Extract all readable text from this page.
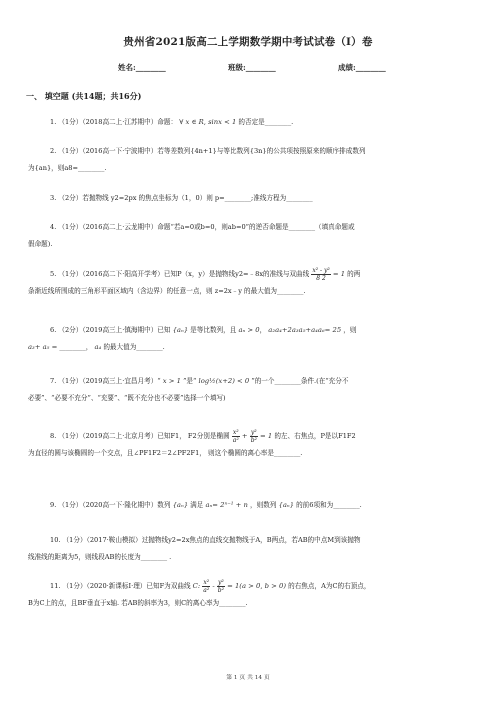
贵州省2021版高二上学期数学期中考试试卷（I）卷
姓名:________	班级:________	成绩:________
一、 填空题 (共14题；共16分)
1. （1分）（2018高二上·江苏期中）命题： ∀ x ∈ R, sinx < 1 的否定是________.
2. （1分）（2016高一下·宁波期中）若等差数列{4n+1}与等比数列{3n}的公共项按照原来的顺序排成数列
为{an}，则a8=________.
3. （2分）若抛物线 y2=2px 的焦点坐标为（1，0）则 p=________;准线方程为________
4. （1分）（2016高二上·云龙期中）命题“若a=0或b=0，则ab=0”的逆否命题是________（填真命题或
假命题).
5. （1分）（2016高二下·阳高开学考）已知P（x，y）是抛物线y2=﹣8x的准线与双曲线 $\frac{\text{x² - y²}}{8 2} = 1$ 的两
条渐近线所围成的三角形平面区域内（含边界）的任意一点，则 z=2x﹣y 的最大值为________.
6. （2分）（2019高三上·镇海期中）已知 {aₙ} 是等比数列，且 aₙ > 0， a₂a₄+2a₃a₅+a₄a₆= 25 ，则
a₃+ a₅ = ________， a₄ 的最大值为________.
7. （1分）（2019高三上·宜昌月考）“ x > 1 ”是“ log½(x+2) < 0 ”的一个________条件.(在“充分不
必要”、“必要不充分”、“充要”、“既不充分也不必要”选择一个填写)
8. （1分）（2019高二上·北京月考）已知F1， F2分别是椭圆 $\frac{\text{x²}}{\text{a²}} + \frac{\text{y²}}{\text{b²}} = 1$ 的左、右焦点，P是以F1F2
为直径的圆与该椭圆的一个交点，且∠PF1F2＝2∠PF2F1， 则这个椭圆的离心率是________.
9. （1分）（2020高一下·隆化期中）数列 {aₙ} 满足 aₙ= 2ⁿ⁻¹ + n ，则数列 {aₙ} 的前6项和为________.
10. （1分）（2017·鞍山模拟）过抛物线y2=2x焦点的直线交抛物线于A，B两点，若AB的中点M到该抛物
线准线的距离为5，则线段AB的长度为________ .
11. （1分）（2020·新课标Ⅰ·理）已知F为双曲线 C: $\frac{\text{x²}}{\text{a²}} - \frac{\text{y²}}{\text{b²}} = 1(a > 0$, b > 0) 的右焦点，A为C的右顶点，
B为C上的点，且BF垂直于x轴. 若AB的斜率为3，则C的离心率为________.
第 1 页 共 14 页
